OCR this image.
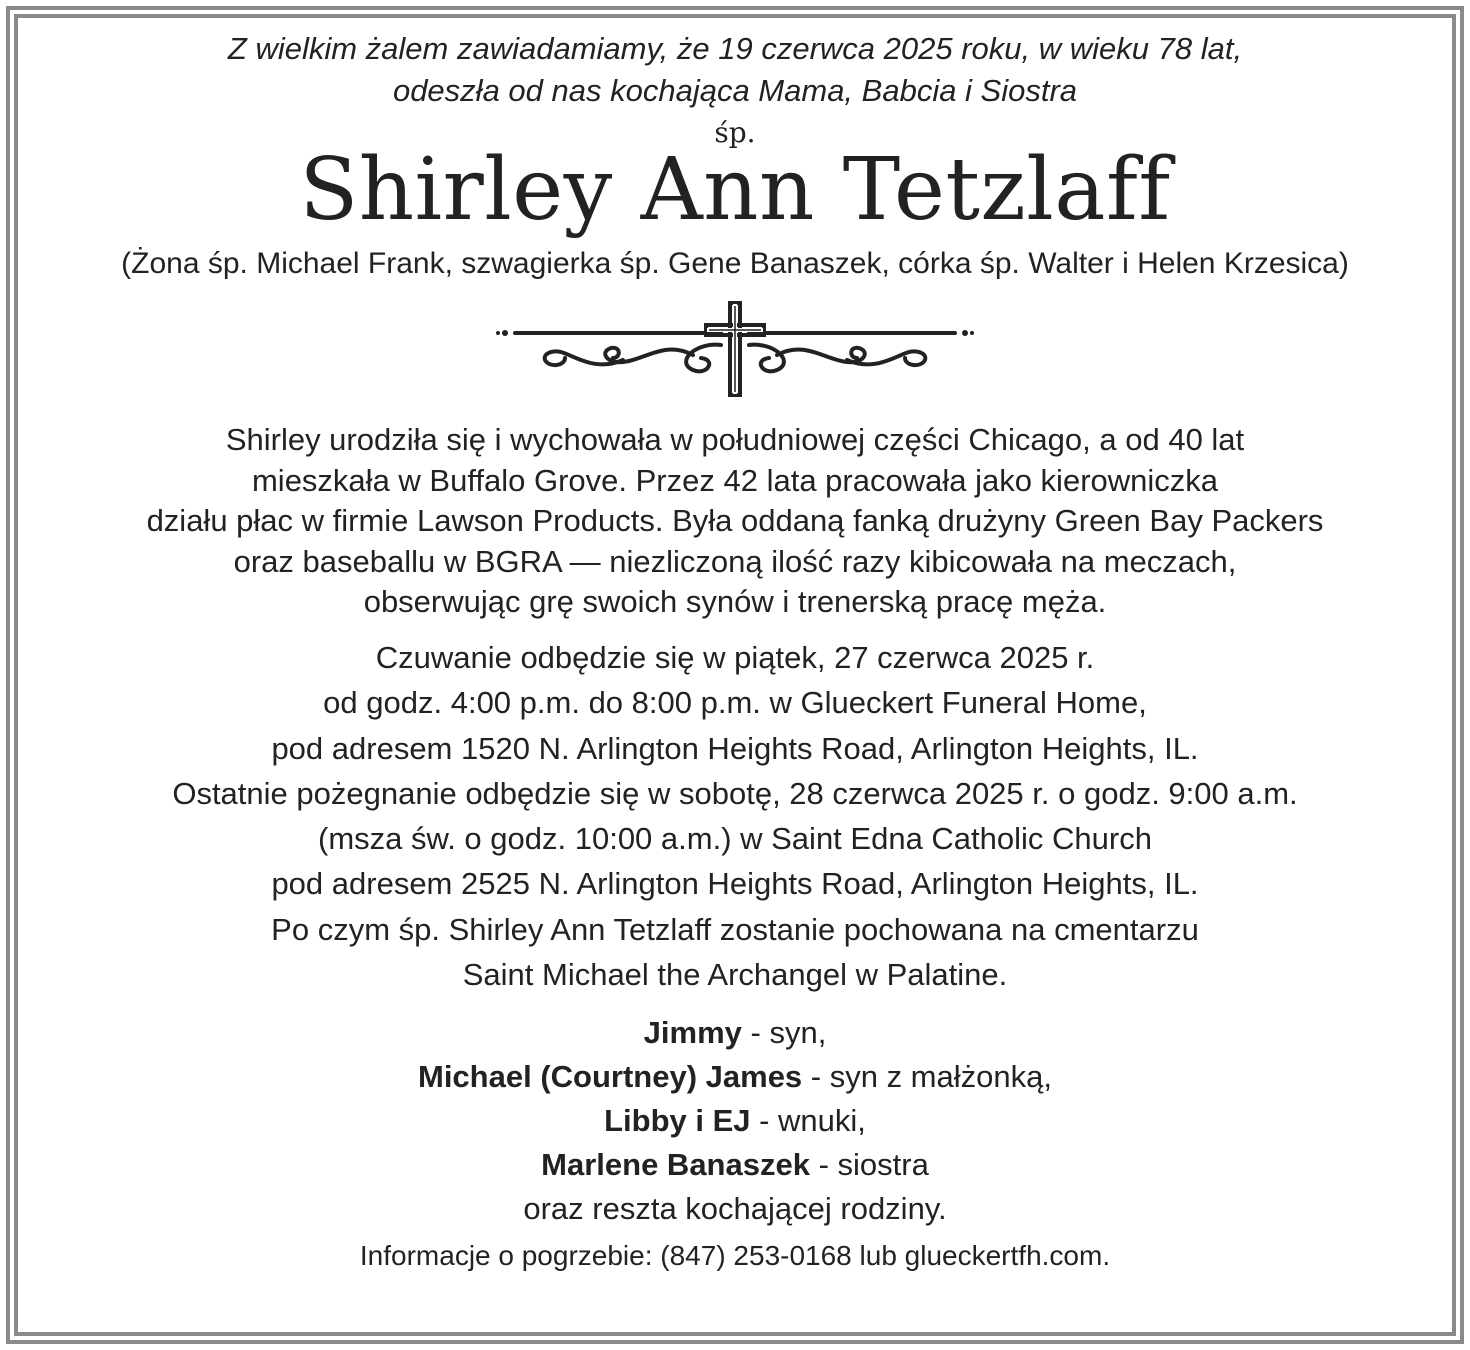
Z wielkim żalem zawiadamiamy, że 19 czerwca 2025 roku, w wieku 78 lat,
odeszła od nas kochająca Mama, Babcia i Siostra
śp.
Shirley Ann Tetzlaff
(Żona śp. Michael Frank, szwagierka śp. Gene Banaszek, córka śp. Walter i Helen Krzesica)
Shirley urodziła się i wychowała w południowej części Chicago, a od 40 lat
mieszkała w Buffalo Grove. Przez 42 lata pracowała jako kierowniczka
działu płac w firmie Lawson Products. Była oddaną fanką drużyny Green Bay Packers
oraz baseballu w BGRA — niezliczoną ilość razy kibicowała na meczach,
obserwując grę swoich synów i trenerską pracę męża.
Czuwanie odbędzie się w piątek, 27 czerwca 2025 r.
od godz. 4:00 p.m. do 8:00 p.m. w Glueckert Funeral Home,
pod adresem 1520 N. Arlington Heights Road, Arlington Heights, IL.
Ostatnie pożegnanie odbędzie się w sobotę, 28 czerwca 2025 r. o godz. 9:00 a.m.
(msza św. o godz. 10:00 a.m.) w Saint Edna Catholic Church
pod adresem 2525 N. Arlington Heights Road, Arlington Heights, IL.
Po czym śp. Shirley Ann Tetzlaff zostanie pochowana na cmentarzu
Saint Michael the Archangel w Palatine.
Jimmy - syn,
Michael (Courtney) James - syn z małżonką,
Libby i EJ - wnuki,
Marlene Banaszek - siostra
oraz reszta kochającej rodziny.
Informacje o pogrzebie: (847) 253-0168 lub glueckertfh.com.
